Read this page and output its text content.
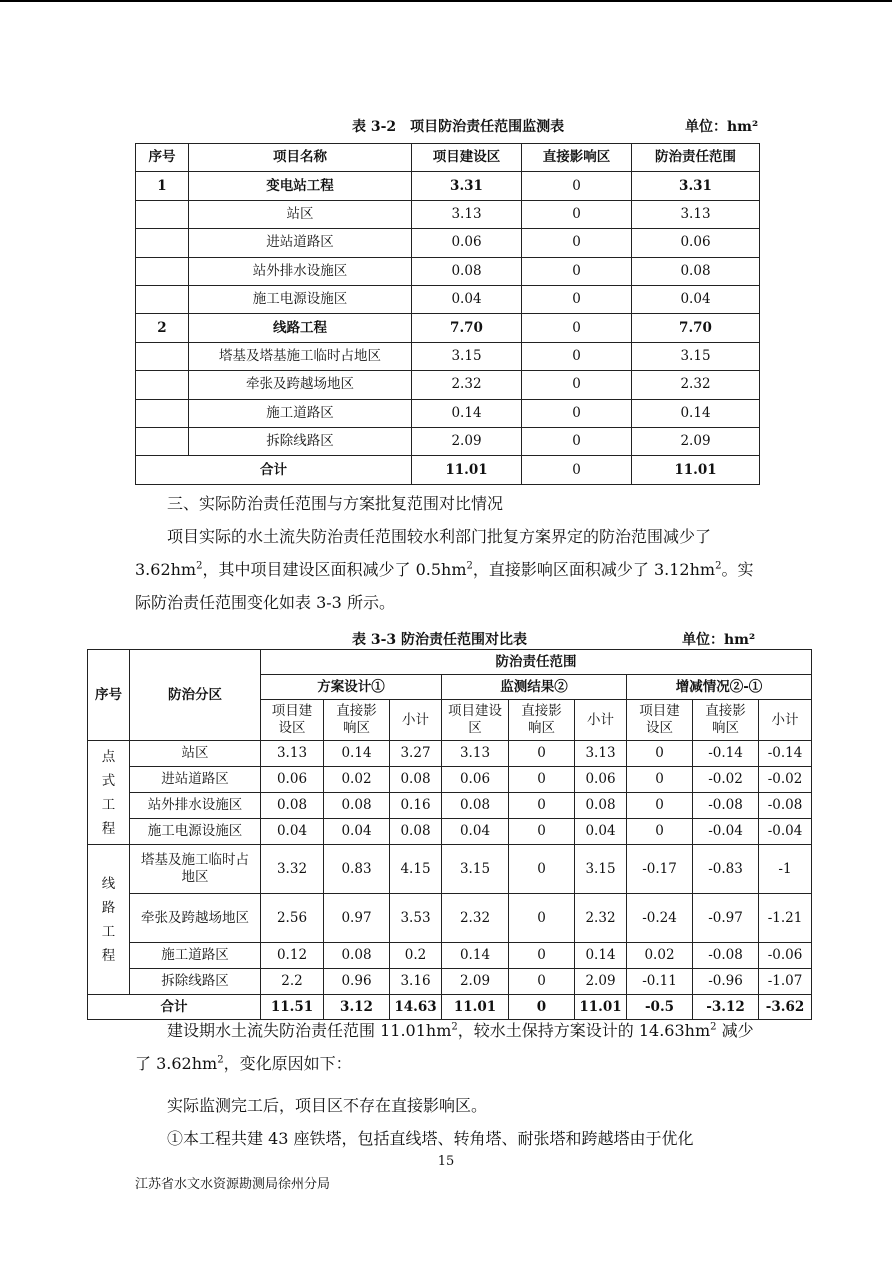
表 3-2　项目防治责任范围监测表	单位：hm²
序号	项目名称	项目建设区	直接影响区	防治责任范围
1	变电站工程	3.31	0	3.31
	站区	3.13	0	3.13
	进站道路区	0.06	0	0.06
	站外排水设施区	0.08	0	0.08
	施工电源设施区	0.04	0	0.04
2	线路工程	7.70	0	7.70
	塔基及塔基施工临时占地区	3.15	0	3.15
	牵张及跨越场地区	2.32	0	2.32
	施工道路区	0.14	0	0.14
	拆除线路区	2.09	0	2.09
合计		11.01	0	11.01
三、实际防治责任范围与方案批复范围对比情况
项目实际的水土流失防治责任范围较水利部门批复方案界定的防治范围减少了 $3.62hm^2$，其中项目建设区面积减少了 $0.5hm^2$，直接影响区面积减少了 $3.12hm^2$。实际防治责任范围变化如表 3-3 所示。
表 3-3 防治责任范围对比表	单位：hm²
序号	防治分区	防治责任范围								
		方案设计①			监测结果②			增减情况②-①		
		项目建设区	直接影响区	小计	项目建设区	直接影响区	小计	项目建设区	直接影响区	小计

点
式
工
程	站区	3.13	0.14	3.27	3.13	0	3.13	0	-0.14	-0.14
	进站道路区	0.06	0.02	0.08	0.06	0	0.06	0	-0.02	-0.02
	站外排水设施区	0.08	0.08	0.16	0.08	0	0.08	0	-0.08	-0.08
	施工电源设施区	0.04	0.04	0.08	0.04	0	0.04	0	-0.04	-0.04

线
路
工
程	塔基及施工临时占地区	3.32	0.83	4.15	3.15	0	3.15	-0.17	-0.83	-1
	牵张及跨越场地区	2.56	0.97	3.53	2.32	0	2.32	-0.24	-0.97	-1.21
	施工道路区	0.12	0.08	0.2	0.14	0	0.14	0.02	-0.08	-0.06
	拆除线路区	2.2	0.96	3.16	2.09	0	2.09	-0.11	-0.96	-1.07
合计		11.51	3.12	14.63	11.01	0	11.01	-0.5	-3.12	-3.62
建设期水土流失防治责任范围 $11.01hm^2$，较水土保持方案设计的 $14.63hm^2$ 减少了 $3.62hm^2$，变化原因如下：
实际监测完工后，项目区不存在直接影响区。
①本工程共建 43 座铁塔，包括直线塔、转角塔、耐张塔和跨越塔由于优化
15
江苏省水文水资源勘测局徐州分局
